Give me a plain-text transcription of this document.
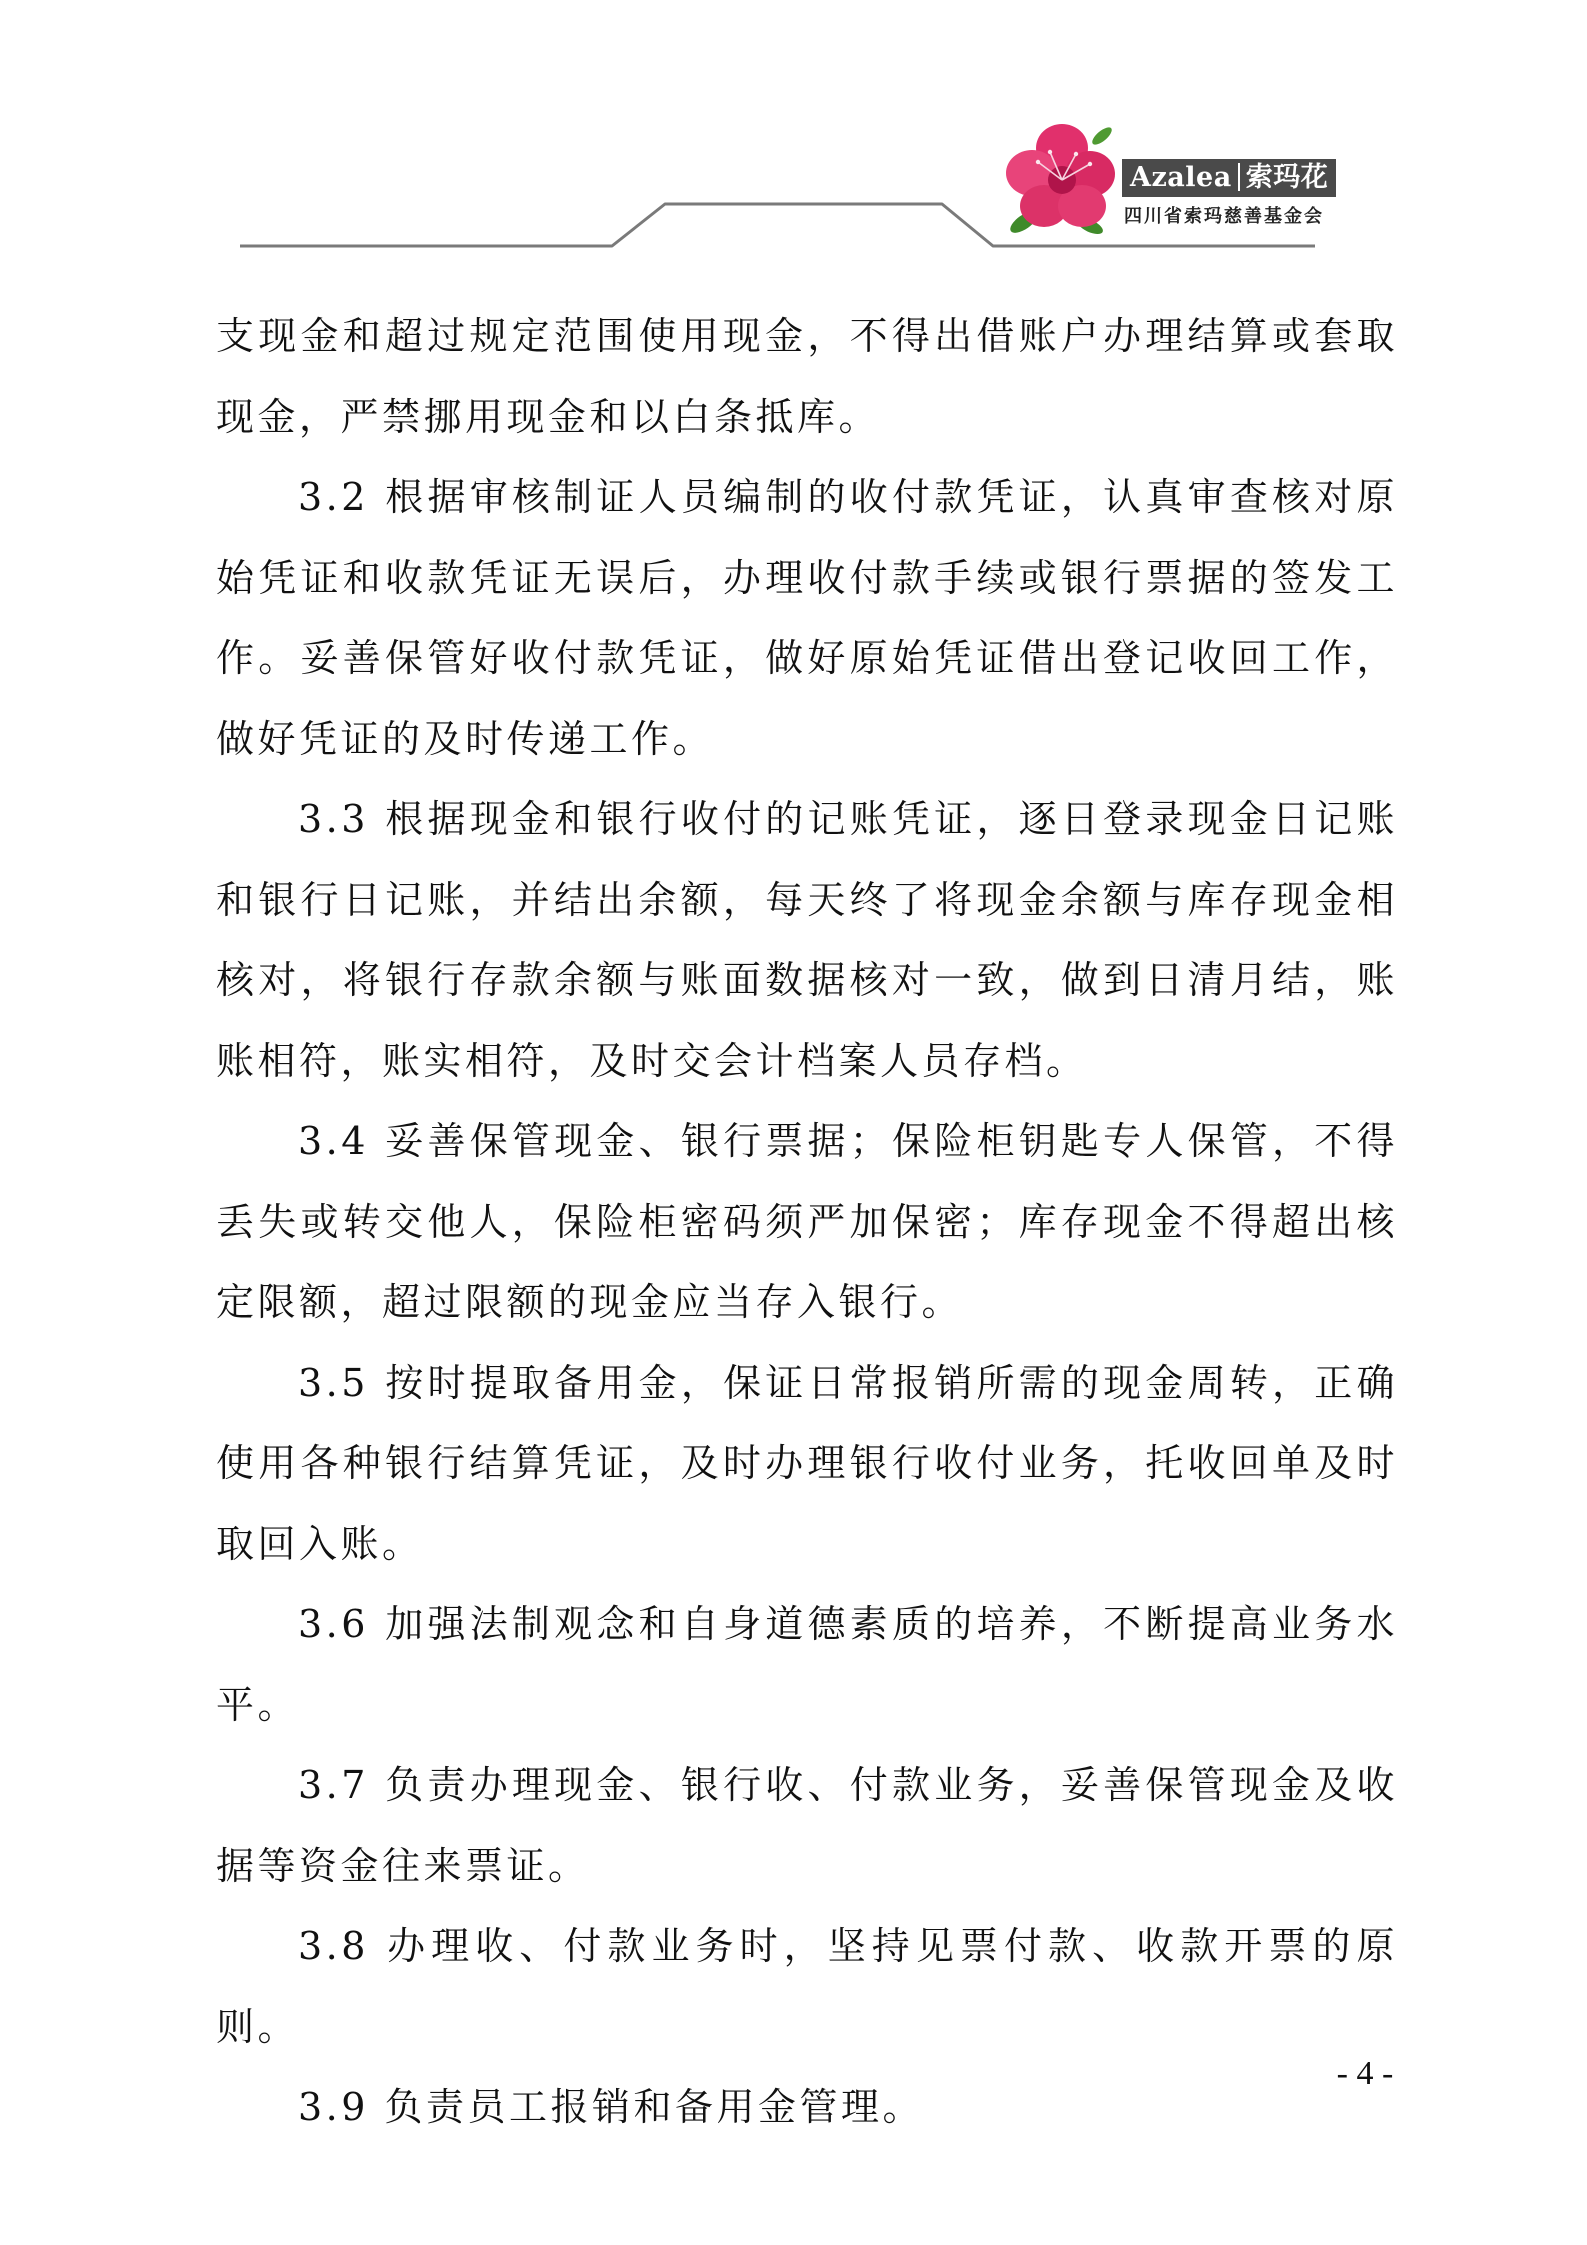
Azalea 索玛花
四川省索玛慈善基金会

支现金和超过规定范围使用现金，不得出借账户办理结算或套取现金，严禁挪用现金和以白条抵库。

3.2 根据审核制证人员编制的收付款凭证，认真审查核对原始凭证和收款凭证无误后，办理收付款手续或银行票据的签发工作。妥善保管好收付款凭证，做好原始凭证借出登记收回工作，做好凭证的及时传递工作。

3.3 根据现金和银行收付的记账凭证，逐日登录现金日记账和银行日记账，并结出余额，每天终了将现金余额与库存现金相核对，将银行存款余额与账面数据核对一致，做到日清月结，账账相符，账实相符，及时交会计档案人员存档。

3.4 妥善保管现金、银行票据；保险柜钥匙专人保管，不得丢失或转交他人，保险柜密码须严加保密；库存现金不得超出核定限额，超过限额的现金应当存入银行。

3.5 按时提取备用金，保证日常报销所需的现金周转，正确使用各种银行结算凭证，及时办理银行收付业务，托收回单及时取回入账。

3.6 加强法制观念和自身道德素质的培养，不断提高业务水平。

3.7 负责办理现金、银行收、付款业务，妥善保管现金及收据等资金往来票证。

3.8 办理收、付款业务时，坚持见票付款、收款开票的原则。

3.9 负责员工报销和备用金管理。

- 4 -
